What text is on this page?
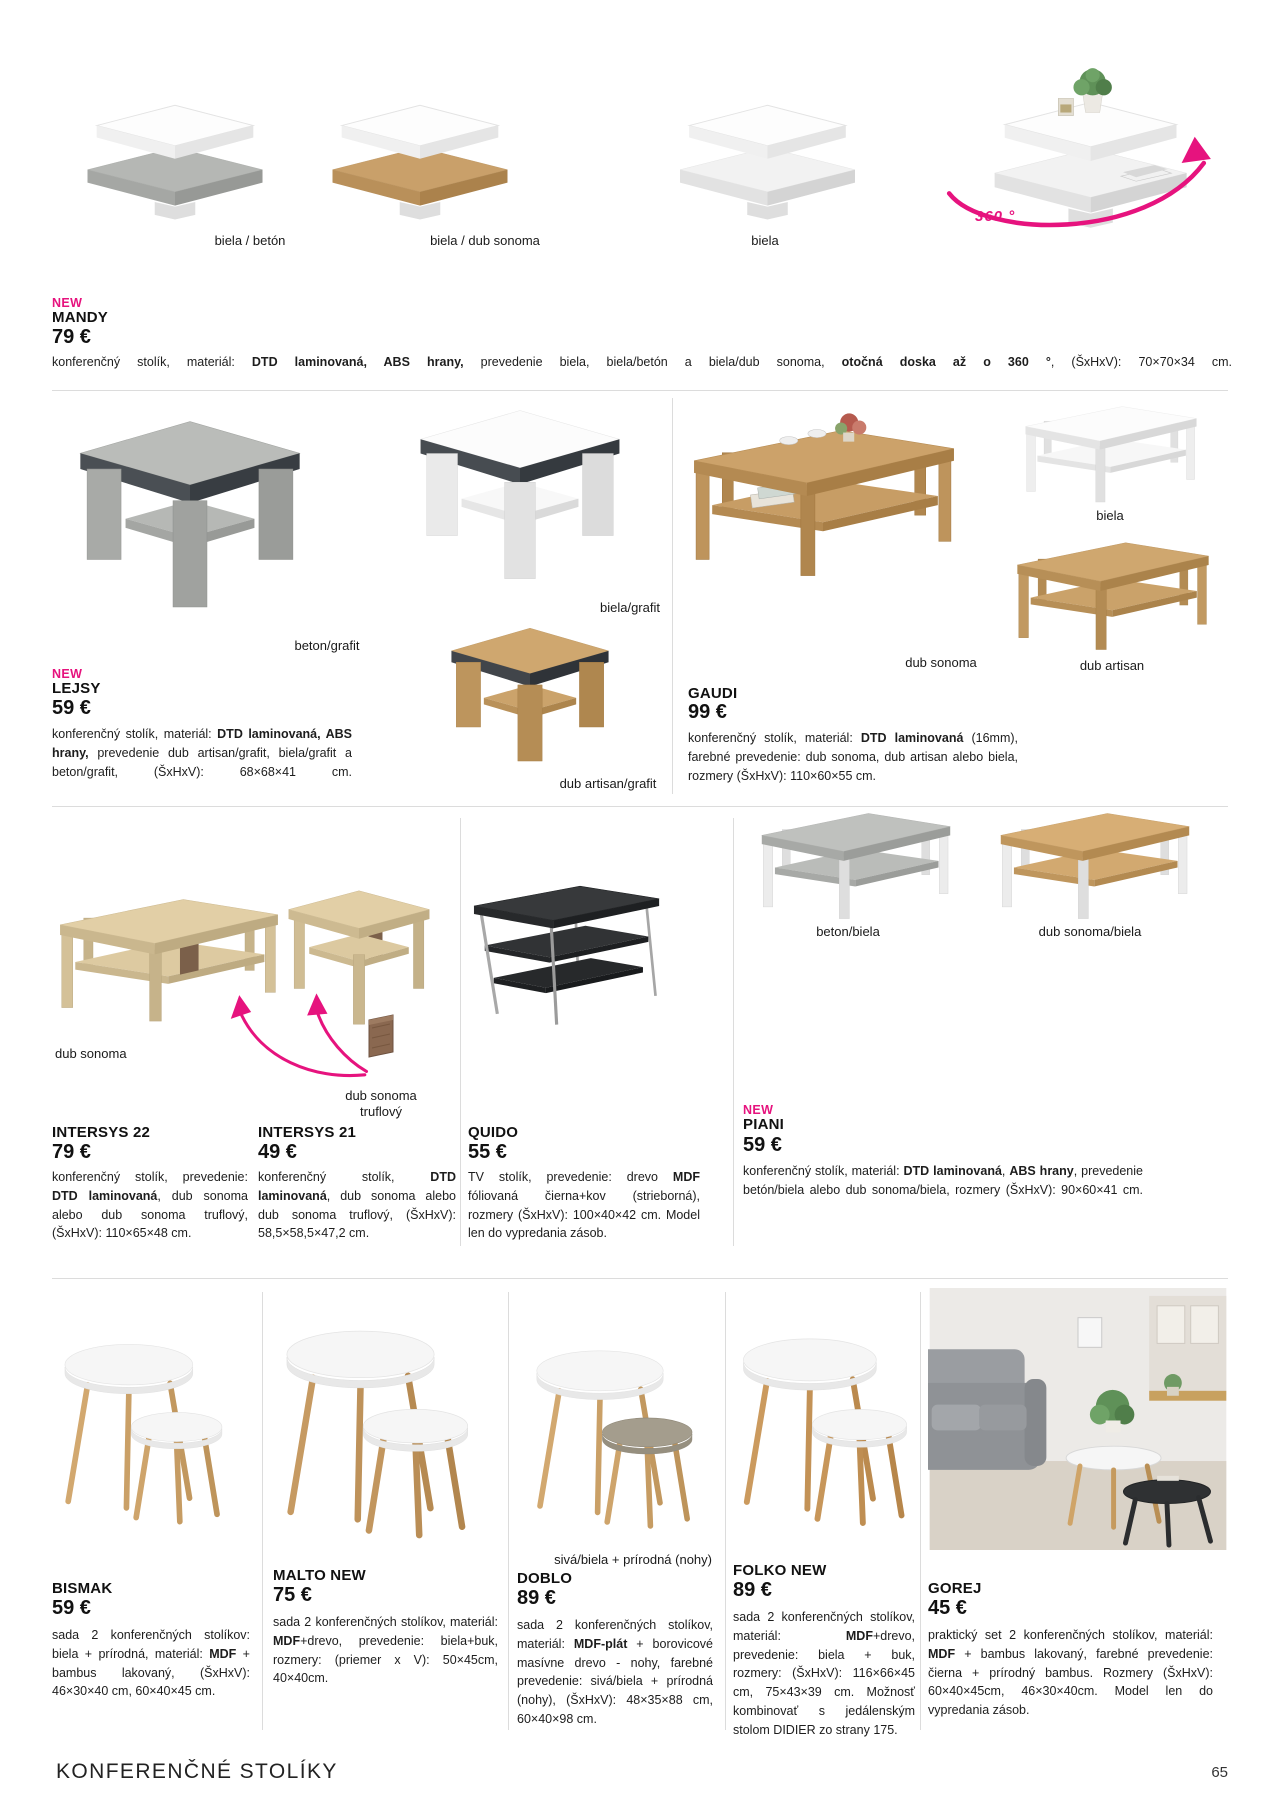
360 °
biela / betón	biela / dub sonoma	biela
NEW
MANDY
79 €

konferenčný stolík, materiál: DTD laminovaná, ABS hrany, prevedenie biela, biela/betón a biela/dub sonoma, otočná doska až o 360 °, (ŠxHxV): 70×70×34 cm.

beton/grafit
biela/grafit
dub artisan/grafit
NEW
LEJSY
59 €

konferenčný stolík, materiál: DTD laminovaná, ABS hrany, prevedenie dub artisan/grafit, biela/grafit a beton/grafit, (ŠxHxV): 68×68×41 cm.

dub sonoma
biela
dub artisan
GAUDI
99 €

konferenčný stolík, materiál: DTD laminovaná (16mm), farebné prevedenie: dub sonoma, dub artisan alebo biela, rozmery (ŠxHxV): 110×60×55 cm.

dub sonoma
dub sonoma
truflový
INTERSYS 22
79 €

konferenčný stolík, prevedenie: DTD laminovaná, dub sonoma alebo dub sonoma truflový, (ŠxHxV): 110×65×48 cm.

INTERSYS 21
49 €

konferenčný stolík, DTD laminovaná, dub sonoma alebo dub sonoma truflový, (ŠxHxV): 58,5×58,5×47,2 cm.

QUIDO
55 €

TV stolík, prevedenie: drevo MDF fóliovaná čierna+kov (strieborná), rozmery (ŠxHxV): 100×40×42 cm. Model len do vypredania zásob.

beton/biela	dub sonoma/biela
NEW
PIANI
59 €

konferenčný stolík, materiál: DTD laminovaná, ABS hrany, prevedenie betón/biela alebo dub sonoma/biela, rozmery (ŠxHxV): 90×60×41 cm.

sivá/biela + prírodná (nohy)
BISMAK
59 €

sada 2 konferenčných stolíkov: biela + prírodná, materiál: MDF + bambus lakovaný, (ŠxHxV): 46×30×40 cm, 60×40×45 cm.

MALTO NEW
75 €

sada 2 konferenčných stolíkov, materiál: MDF+drevo, prevedenie: biela+buk, rozmery: (priemer x V): 50×45cm, 40×40cm.

DOBLO
89 €

sada 2 konferenčných stolíkov, materiál: MDF-plát + borovicové masívne drevo - nohy, farebné prevedenie: sivá/biela + prírodná (nohy), (ŠxHxV): 48×35×88 cm, 60×40×98 cm.

FOLKO NEW
89 €

sada 2 konferenčných stolíkov, materiál: MDF+drevo, prevedenie: biela + buk, rozmery: (ŠxHxV): 116×66×45 cm, 75×43×39 cm. Možnosť kombinovať s jedálenským stolom DIDIER zo strany 175.

GOREJ
45 €

praktický set 2 konferenčných stolíkov, materiál: MDF + bambus lakovaný, farebné prevedenie: čierna + prírodný bambus. Rozmery (ŠxHxV): 60×40×45cm, 46×30×40cm. Model len do vypredania zásob.

KONFERENČNÉ STOLÍKY	65
